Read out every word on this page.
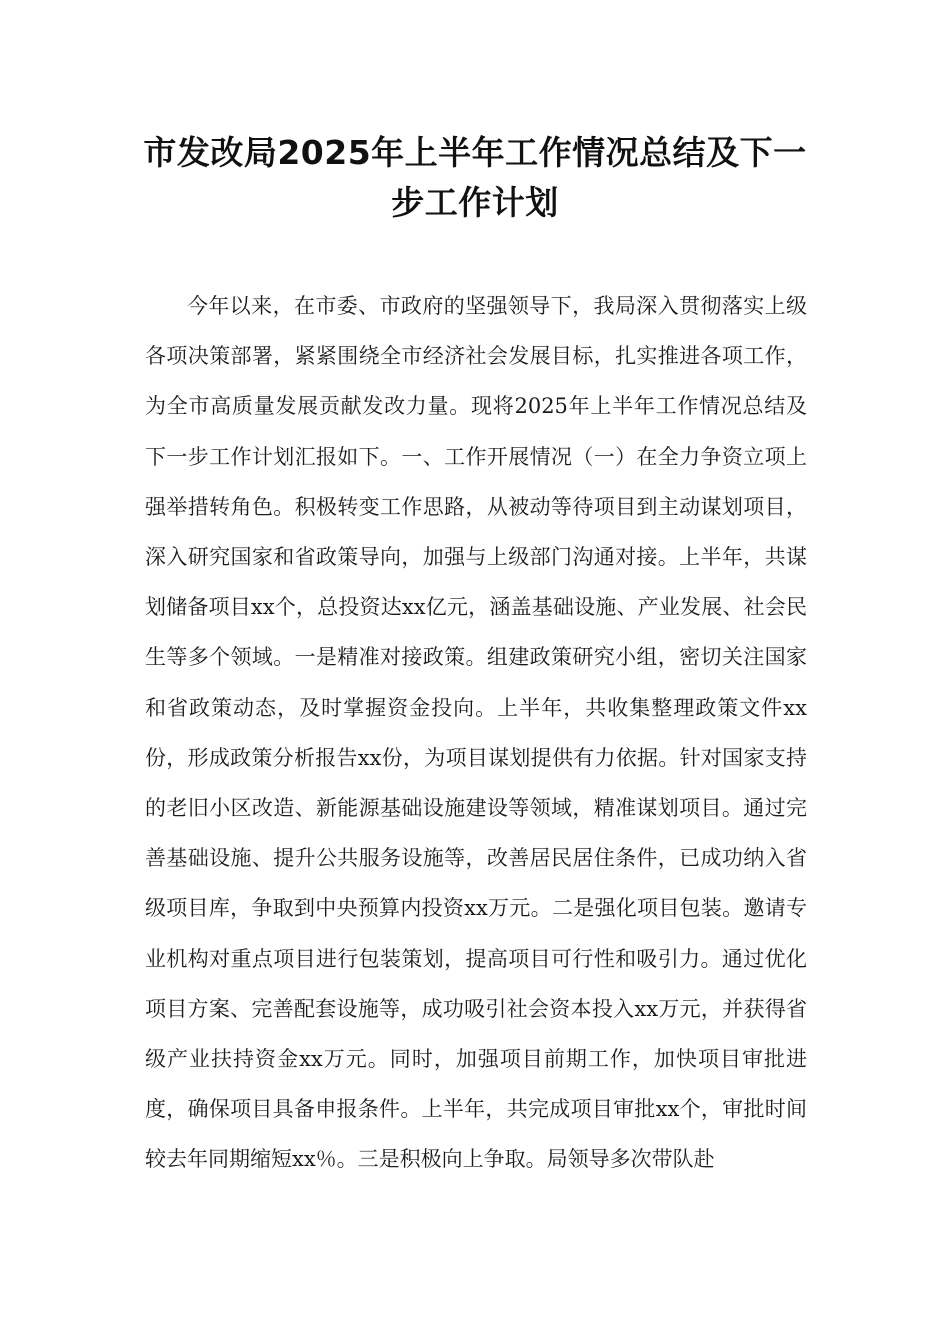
市发改局2025年上半年工作情况总结及下一步工作计划

今年以来，在市委、市政府的坚强领导下，我局深入贯彻落实上级各项决策部署，紧紧围绕全市经济社会发展目标，扎实推进各项工作，为全市高质量发展贡献发改力量。现将2025年上半年工作情况总结及下一步工作计划汇报如下。一、工作开展情况（一）在全力争资立项上强举措转角色。积极转变工作思路，从被动等待项目到主动谋划项目，深入研究国家和省政策导向，加强与上级部门沟通对接。上半年，共谋划储备项目xx个，总投资达xx亿元，涵盖基础设施、产业发展、社会民生等多个领域。一是精准对接政策。组建政策研究小组，密切关注国家和省政策动态，及时掌握资金投向。上半年，共收集整理政策文件xx份，形成政策分析报告xx份，为项目谋划提供有力依据。针对国家支持的老旧小区改造、新能源基础设施建设等领域，精准谋划项目。通过完善基础设施、提升公共服务设施等，改善居民居住条件，已成功纳入省级项目库，争取到中央预算内投资xx万元。二是强化项目包装。邀请专业机构对重点项目进行包装策划，提高项目可行性和吸引力。通过优化项目方案、完善配套设施等，成功吸引社会资本投入xx万元，并获得省级产业扶持资金xx万元。同时，加强项目前期工作，加快项目审批进度，确保项目具备申报条件。上半年，共完成项目审批xx个，审批时间较去年同期缩短xx％。三是积极向上争取。局领导多次带队赴
